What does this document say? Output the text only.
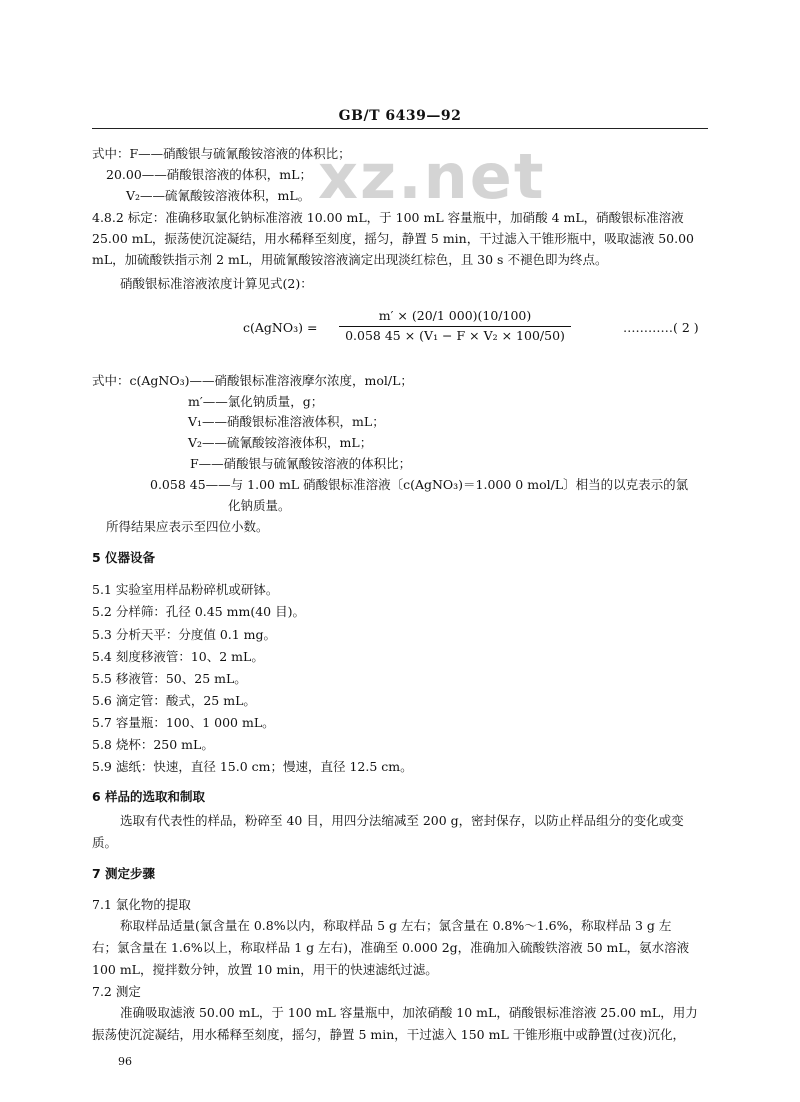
GB/T 6439—92
xz.net
式中：F——硝酸银与硫氰酸铵溶液的体积比；
20.00——硝酸银溶液的体积，mL；
V₂——硫氰酸铵溶液体积，mL。
4.8.2 标定：准确移取氯化钠标准溶液 10.00 mL，于 100 mL 容量瓶中，加硝酸 4 mL，硝酸银标准溶液
25.00 mL，振荡使沉淀凝结，用水稀释至刻度，摇匀，静置 5 min，干过滤入干锥形瓶中，吸取滤液 50.00
mL，加硫酸铁指示剂 2 mL，用硫氰酸铵溶液滴定出现淡红棕色，且 30 s 不褪色即为终点。
硝酸银标准溶液浓度计算见式(2)：
c(AgNO₃) =
m′ × (20/1 000)(10/100)
0.058 45 × (V₁ − F × V₂ × 100/50)
…………( 2 )
式中：c(AgNO₃)——硝酸银标准溶液摩尔浓度，mol/L；
m′——氯化钠质量，g；
V₁——硝酸银标准溶液体积，mL；
V₂——硫氰酸铵溶液体积，mL；
F——硝酸银与硫氰酸铵溶液的体积比；
0.058 45——与 1.00 mL 硝酸银标准溶液〔c(AgNO₃)＝1.000 0 mol/L〕相当的以克表示的氯
化钠质量。
所得结果应表示至四位小数。
5 仪器设备
5.1 实验室用样品粉碎机或研钵。
5.2 分样筛：孔径 0.45 mm(40 目)。
5.3 分析天平：分度值 0.1 mg。
5.4 刻度移液管：10、2 mL。
5.5 移液管：50、25 mL。
5.6 滴定管：酸式，25 mL。
5.7 容量瓶：100、1 000 mL。
5.8 烧杯：250 mL。
5.9 滤纸：快速，直径 15.0 cm；慢速，直径 12.5 cm。
6 样品的选取和制取
选取有代表性的样品，粉碎至 40 目，用四分法缩减至 200 g，密封保存，以防止样品组分的变化或变
质。
7 测定步骤
7.1 氯化物的提取
称取样品适量(氯含量在 0.8%以内，称取样品 5 g 左右；氯含量在 0.8%～1.6%，称取样品 3 g 左
右；氯含量在 1.6%以上，称取样品 1 g 左右)，准确至 0.000 2g，准确加入硫酸铁溶液 50 mL，氨水溶液
100 mL，搅拌数分钟，放置 10 min，用干的快速滤纸过滤。
7.2 测定
准确吸取滤液 50.00 mL，于 100 mL 容量瓶中，加浓硝酸 10 mL，硝酸银标准溶液 25.00 mL，用力
振荡使沉淀凝结，用水稀释至刻度，摇匀，静置 5 min，干过滤入 150 mL 干锥形瓶中或静置(过夜)沉化，
96
